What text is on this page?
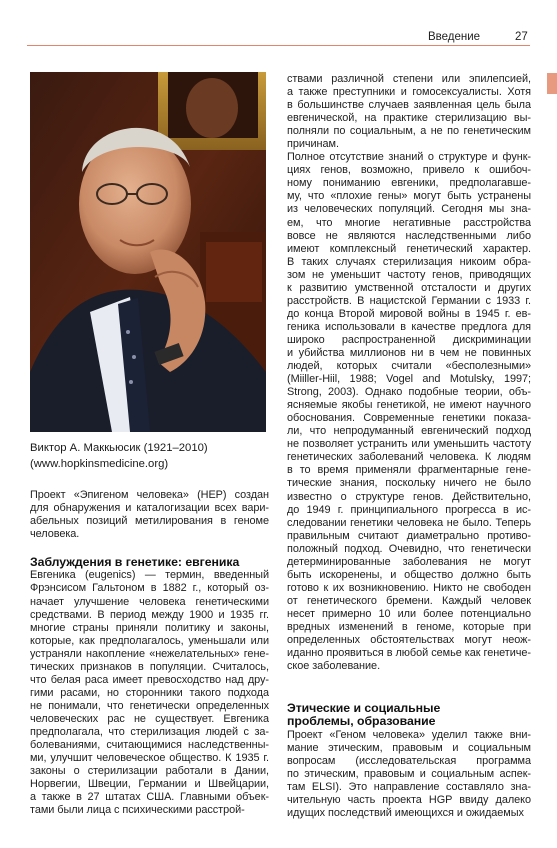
Введение	27
Виктор А. Маккьюсик (1921–2010)
(www.hopkinsmedicine.org)
Проект «Эпигеном человека» (HEP) создан
для обнаружения и каталогизации всех вари-
абельных позиций метилирования в геноме
человека.
Заблуждения в генетике: евгеника
Евгеника (eugenics) — термин, введенный
Фрэнсисом Гальтоном в 1882 г., который оз-
начает улучшение человека генетическими
средствами. В период между 1900 и 1935 гг.
многие страны приняли политику и законы,
которые, как предполагалось, уменьшали или
устраняли накопление «нежелательных» гене-
тических признаков в популяции. Считалось,
что белая раса имеет превосходство над дру-
гими расами, но сторонники такого подхода
не понимали, что генетически определенных
человеческих рас не существует. Евгеника
предполагала, что стерилизация людей с за-
болеваниями, считающимися наследственны-
ми, улучшит человеческое общество. К 1935 г.
законы о стерилизации работали в Дании,
Норвегии, Швеции, Германии и Швейцарии,
а также в 27 штатах США. Главными объек-
тами были лица с психическими расстрой-
ствами различной степени или эпилепсией,
а также преступники и гомосексуалисты. Хотя
в большинстве случаев заявленная цель была
евгенической, на практике стерилизацию вы-
полняли по социальным, а не по генетическим
причинам.
Полное отсутствие знаний о структуре и функ-
циях генов, возможно, привело к ошибоч-
ному пониманию евгеники, предполагавше-
му, что «плохие гены» могут быть устранены
из человеческих популяций. Сегодня мы зна-
ем, что многие негативные расстройства
вовсе не являются наследственными либо
имеют комплексный генетический характер.
В таких случаях стерилизация никоим обра-
зом не уменьшит частоту генов, приводящих
к развитию умственной отсталости и других
расстройств. В нацистской Германии с 1933 г.
до конца Второй мировой войны в 1945 г. ев-
геника использовали в качестве предлога для
широко распространенной дискриминации
и убийства миллионов ни в чем не повинных
людей, которых считали «бесполезными»
(Miiller-Hiil, 1988; Vogel and Motulsky, 1997;
Strong, 2003). Однако подобные теории, объ-
ясняемые якобы генетикой, не имеют научного
обоснования. Современные генетики показа-
ли, что непродуманный евгенический подход
не позволяет устранить или уменьшить частоту
генетических заболеваний человека. К людям
в то время применяли фрагментарные гене-
тические знания, поскольку ничего не было
известно о структуре генов. Действительно,
до 1949 г. принципиального прогресса в ис-
следовании генетики человека не было. Теперь
правильным считают диаметрально противо-
положный подход. Очевидно, что генетически
детерминированные заболевания не могут
быть искоренены, и общество должно быть
готово к их возникновению. Никто не свободен
от генетического бремени. Каждый человек
несет примерно 10 или более потенциально
вредных изменений в геноме, которые при
определенных обстоятельствах могут неож-
иданно проявиться в любой семье как генетиче-
ское заболевание.
Этические и социальные
проблемы, образование
Проект «Геном человека» уделил также вни-
мание этическим, правовым и социальным
вопросам (исследовательская программа
по этическим, правовым и социальным аспек-
там ELSI). Это направление составляло зна-
чительную часть проекта HGP ввиду далеко
идущих последствий имеющихся и ожидаемых
